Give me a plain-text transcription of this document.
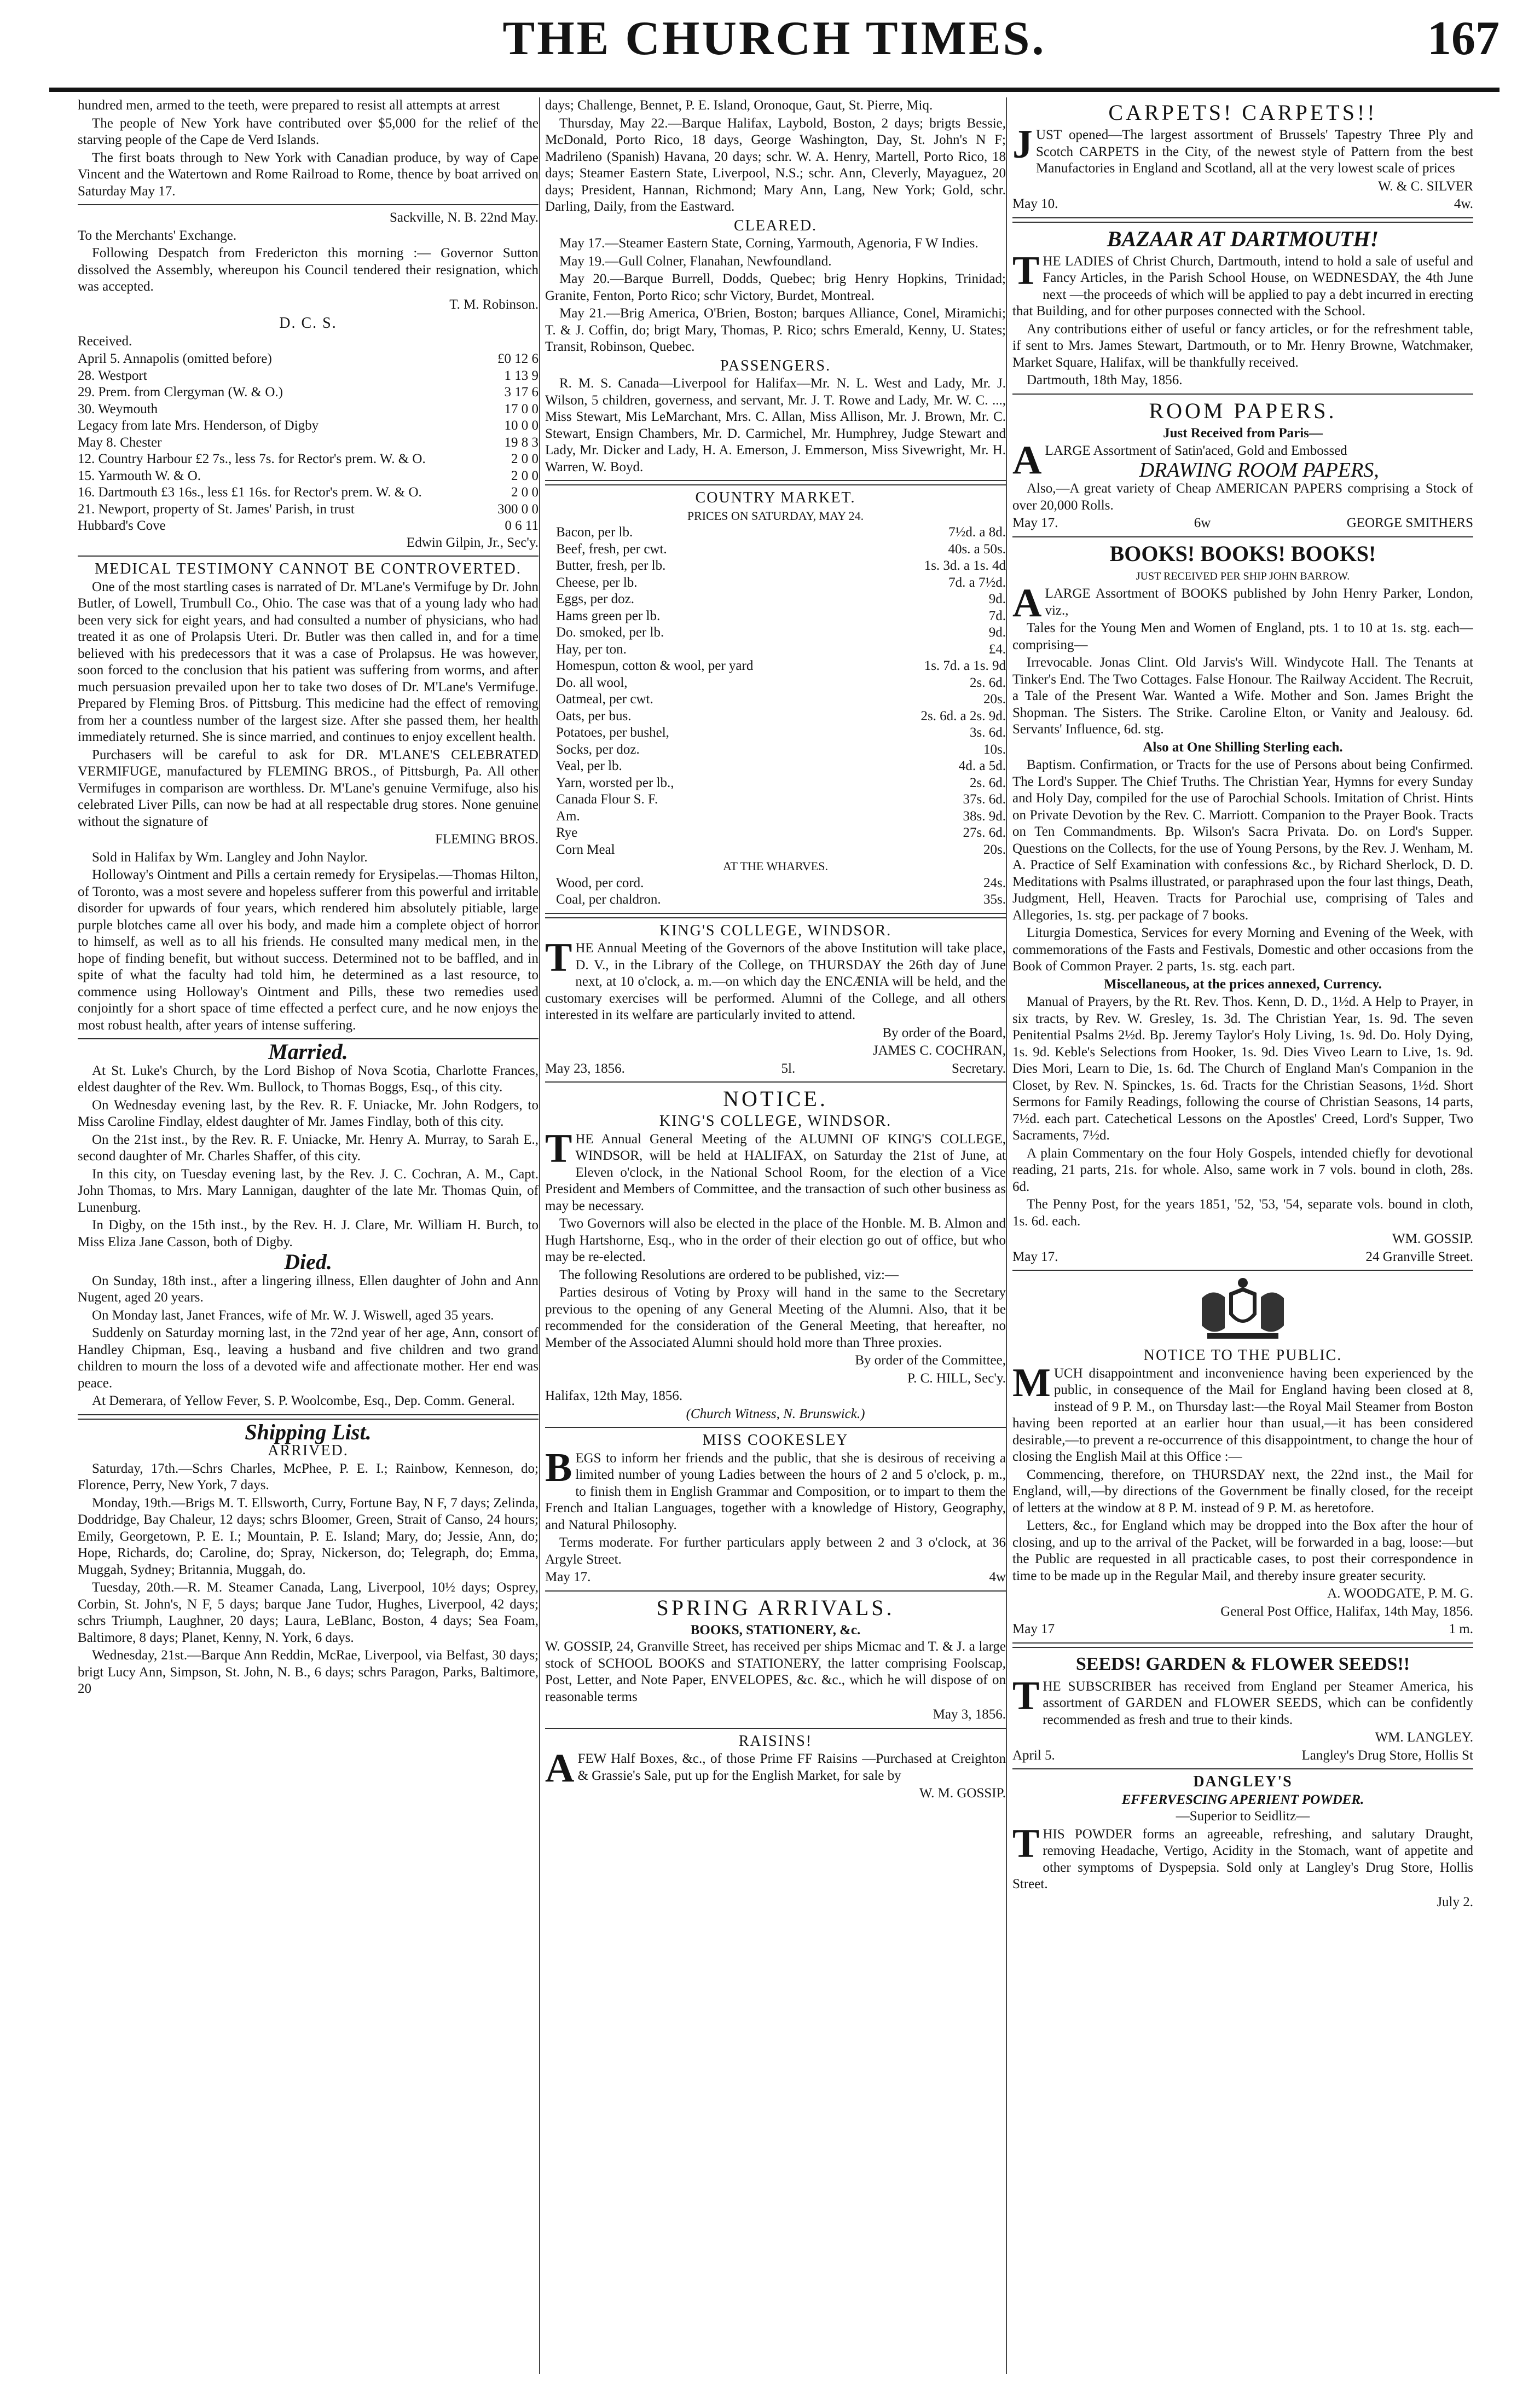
THE CHURCH TIMES.	167

hundred men, armed to the teeth, were prepared to resist all attempts at arrest

The people of New York have contributed over $5,000 for the relief of the starving people of the Cape de Verd Islands.

The first boats through to New York with Canadian produce, by way of Cape Vincent and the Watertown and Rome Railroad to Rome, thence by boat arrived on Saturday May 17.

Sackville, N. B. 22nd May.

To the Merchants' Exchange.

Following Despatch from Fredericton this morning :— Governor Sutton dissolved the Assembly, whereupon his Council tendered their resignation, which was accepted.

T. M. Robinson.

D. C. S.

Received.

April 5. Annapolis (omitted before)	£0 12 6
28. Westport	1 13 9
29. Prem. from Clergyman (W. & O.)	3 17 6
30. Weymouth	17 0 0
Legacy from late Mrs. Henderson, of Digby	10 0 0
May 8. Chester	19 8 3
12. Country Harbour £2 7s., less 7s. for Rector's prem. W. & O.	2 0 0
15. Yarmouth W. & O.	2 0 0
16. Dartmouth £3 16s., less £1 16s. for Rector's prem. W. & O.	2 0 0
21. Newport, property of St. James' Parish, in trust	300 0 0
Hubbard's Cove	0 6 11

Edwin Gilpin, Jr., Sec'y.

MEDICAL TESTIMONY CANNOT BE CONTROVERTED.

One of the most startling cases is narrated of Dr. M'Lane's Vermifuge by Dr. John Butler, of Lowell, Trumbull Co., Ohio. The case was that of a young lady who had been very sick for eight years, and had consulted a number of physicians, who had treated it as one of Prolapsis Uteri. Dr. Butler was then called in, and for a time believed with his predecessors that it was a case of Prolapsus. He was however, soon forced to the conclusion that his patient was suffering from worms, and after much persuasion prevailed upon her to take two doses of Dr. M'Lane's Vermifuge. Prepared by Fleming Bros. of Pittsburg. This medicine had the effect of removing from her a countless number of the largest size. After she passed them, her health immediately returned. She is since married, and continues to enjoy excellent health.

Purchasers will be careful to ask for DR. M'LANE'S CELEBRATED VERMIFUGE, manufactured by FLEMING BROS., of Pittsburgh, Pa. All other Vermifuges in comparison are worthless. Dr. M'Lane's genuine Vermifuge, also his celebrated Liver Pills, can now be had at all respectable drug stores. None genuine without the signature of

FLEMING BROS.

Sold in Halifax by Wm. Langley and John Naylor.

Holloway's Ointment and Pills a certain remedy for Erysipelas.—Thomas Hilton, of Toronto, was a most severe and hopeless sufferer from this powerful and irritable disorder for upwards of four years, which rendered him absolutely pitiable, large purple blotches came all over his body, and made him a complete object of horror to himself, as well as to all his friends. He consulted many medical men, in the hope of finding benefit, but without success. Determined not to be baffled, and in spite of what the faculty had told him, he determined as a last resource, to commence using Holloway's Ointment and Pills, these two remedies used conjointly for a short space of time effected a perfect cure, and he now enjoys the most robust health, after years of intense suffering.

Married.

At St. Luke's Church, by the Lord Bishop of Nova Scotia, Charlotte Frances, eldest daughter of the Rev. Wm. Bullock, to Thomas Boggs, Esq., of this city.

On Wednesday evening last, by the Rev. R. F. Uniacke, Mr. John Rodgers, to Miss Caroline Findlay, eldest daughter of Mr. James Findlay, both of this city.

On the 21st inst., by the Rev. R. F. Uniacke, Mr. Henry A. Murray, to Sarah E., second daughter of Mr. Charles Shaffer, of this city.

In this city, on Tuesday evening last, by the Rev. J. C. Cochran, A. M., Capt. John Thomas, to Mrs. Mary Lannigan, daughter of the late Mr. Thomas Quin, of Lunenburg.

In Digby, on the 15th inst., by the Rev. H. J. Clare, Mr. William H. Burch, to Miss Eliza Jane Casson, both of Digby.

Died.

On Sunday, 18th inst., after a lingering illness, Ellen daughter of John and Ann Nugent, aged 20 years.

On Monday last, Janet Frances, wife of Mr. W. J. Wiswell, aged 35 years.

Suddenly on Saturday morning last, in the 72nd year of her age, Ann, consort of Handley Chipman, Esq., leaving a husband and five children and two grand children to mourn the loss of a devoted wife and affectionate mother. Her end was peace.

At Demerara, of Yellow Fever, S. P. Woolcombe, Esq., Dep. Comm. General.

Shipping List.
ARRIVED.

Saturday, 17th.—Schrs Charles, McPhee, P. E. I.; Rainbow, Kenneson, do; Florence, Perry, New York, 7 days.

Monday, 19th.—Brigs M. T. Ellsworth, Curry, Fortune Bay, N F, 7 days; Zelinda, Doddridge, Bay Chaleur, 12 days; schrs Bloomer, Green, Strait of Canso, 24 hours; Emily, Georgetown, P. E. I.; Mountain, P. E. Island; Mary, do; Jessie, Ann, do; Hope, Richards, do; Caroline, do; Spray, Nickerson, do; Telegraph, do; Emma, Muggah, Sydney; Britannia, Muggah, do.

Tuesday, 20th.—R. M. Steamer Canada, Lang, Liverpool, 10½ days; Osprey, Corbin, St. John's, N F, 5 days; barque Jane Tudor, Hughes, Liverpool, 42 days; schrs Triumph, Laughner, 20 days; Laura, LeBlanc, Boston, 4 days; Sea Foam, Baltimore, 8 days; Planet, Kenny, N. York, 6 days.

Wednesday, 21st.—Barque Ann Reddin, McRae, Liverpool, via Belfast, 30 days; brigt Lucy Ann, Simpson, St. John, N. B., 6 days; schrs Paragon, Parks, Baltimore, 20

days; Challenge, Bennet, P. E. Island, Oronoque, Gaut, St. Pierre, Miq.

Thursday, May 22.—Barque Halifax, Laybold, Boston, 2 days; brigts Bessie, McDonald, Porto Rico, 18 days, George Washington, Day, St. John's N F; Madrileno (Spanish) Havana, 20 days; schr. W. A. Henry, Martell, Porto Rico, 18 days; Steamer Eastern State, Liverpool, N.S.; schr. Ann, Cleverly, Mayaguez, 20 days; President, Hannan, Richmond; Mary Ann, Lang, New York; Gold, schr. Darling, Daily, from the Eastward.

CLEARED.

May 17.—Steamer Eastern State, Corning, Yarmouth, Agenoria, F W Indies.

May 19.—Gull Colner, Flanahan, Newfoundland.

May 20.—Barque Burrell, Dodds, Quebec; brig Henry Hopkins, Trinidad; Granite, Fenton, Porto Rico; schr Victory, Burdet, Montreal.

May 21.—Brig America, O'Brien, Boston; barques Alliance, Conel, Miramichi; T. & J. Coffin, do; brigt Mary, Thomas, P. Rico; schrs Emerald, Kenny, U. States; Transit, Robinson, Quebec.

PASSENGERS.

R. M. S. Canada—Liverpool for Halifax—Mr. N. L. West and Lady, Mr. J. Wilson, 5 children, governess, and servant, Mr. J. T. Rowe and Lady, Mr. W. C. ..., Miss Stewart, Mis LeMarchant, Mrs. C. Allan, Miss Allison, Mr. J. Brown, Mr. C. Stewart, Ensign Chambers, Mr. D. Carmichel, Mr. Humphrey, Judge Stewart and Lady, Mr. Dicker and Lady, H. A. Emerson, J. Emmerson, Miss Sivewright, Mr. H. Warren, W. Boyd.

COUNTRY MARKET.
PRICES ON SATURDAY, MAY 24.
Bacon, per lb.	7½d. a 8d.
Beef, fresh, per cwt.	40s. a 50s.
Butter, fresh, per lb.	1s. 3d. a 1s. 4d
Cheese, per lb.	7d. a 7½d.
Eggs, per doz.	9d.
Hams green per lb.	7d.
Do. smoked, per lb.	9d.
Hay, per ton.	£4.
Homespun, cotton & wool, per yard	1s. 7d. a 1s. 9d
Do. all wool,	2s. 6d.
Oatmeal, per cwt.	20s.
Oats, per bus.	2s. 6d. a 2s. 9d.
Potatoes, per bushel,	3s. 6d.
Socks, per doz.	10s.
Veal, per lb.	4d. a 5d.
Yarn, worsted per lb.,	2s. 6d.
Canada Flour S. F.	37s. 6d.
Am.	38s. 9d.
Rye	27s. 6d.
Corn Meal	20s.
AT THE WHARVES.
Wood, per cord.	24s.
Coal, per chaldron.	35s.
KING'S COLLEGE, WINDSOR.

THE Annual Meeting of the Governors of the above Institution will take place, D. V., in the Library of the College, on THURSDAY the 26th day of June next, at 10 o'clock, a. m.—on which day the ENCÆNIA will be held, and the customary exercises will be performed. Alumni of the College, and all others interested in its welfare are particularly invited to attend.

By order of the Board,

JAMES C. COCHRAN,

May 23, 1856.	5l.	Secretary.
NOTICE.
KING'S COLLEGE, WINDSOR.

THE Annual General Meeting of the ALUMNI OF KING'S COLLEGE, WINDSOR, will be held at HALIFAX, on Saturday the 21st of June, at Eleven o'clock, in the National School Room, for the election of a Vice President and Members of Committee, and the transaction of such other business as may be necessary.

Two Governors will also be elected in the place of the Honble. M. B. Almon and Hugh Hartshorne, Esq., who in the order of their election go out of office, but who may be re-elected.

The following Resolutions are ordered to be published, viz:—

Parties desirous of Voting by Proxy will hand in the same to the Secretary previous to the opening of any General Meeting of the Alumni. Also, that it be recommended for the consideration of the General Meeting, that hereafter, no Member of the Associated Alumni should hold more than Three proxies.

By order of the Committee,

P. C. HILL, Sec'y.

Halifax, 12th May, 1856.

(Church Witness, N. Brunswick.)

MISS COOKESLEY

BEGS to inform her friends and the public, that she is desirous of receiving a limited number of young Ladies between the hours of 2 and 5 o'clock, p. m., to finish them in English Grammar and Composition, or to impart to them the French and Italian Languages, together with a knowledge of History, Geography, and Natural Philosophy.

Terms moderate. For further particulars apply between 2 and 3 o'clock, at 36 Argyle Street.

May 17.	4w
SPRING ARRIVALS.
BOOKS, STATIONERY, &c.

W. GOSSIP, 24, Granville Street, has received per ships Micmac and T. & J. a large stock of SCHOOL BOOKS and STATIONERY, the latter comprising Foolscap, Post, Letter, and Note Paper, ENVELOPES, &c. &c., which he will dispose of on reasonable terms

May 3, 1856.

RAISINS!

AFEW Half Boxes, &c., of those Prime FF Raisins —Purchased at Creighton & Grassie's Sale, put up for the English Market, for sale by

W. M. GOSSIP.

CARPETS! CARPETS!!

JUST opened—The largest assortment of Brussels' Tapestry Three Ply and Scotch CARPETS in the City, of the newest style of Pattern from the best Manufactories in England and Scotland, all at the very lowest scale of prices

W. & C. SILVER

May 10.	4w.
BAZAAR AT DARTMOUTH!

THE LADIES of Christ Church, Dartmouth, intend to hold a sale of useful and Fancy Articles, in the Parish School House, on WEDNESDAY, the 4th June next —the proceeds of which will be applied to pay a debt incurred in erecting that Building, and for other purposes connected with the School.

Any contributions either of useful or fancy articles, or for the refreshment table, if sent to Mrs. James Stewart, Dartmouth, or to Mr. Henry Browne, Watchmaker, Market Square, Halifax, will be thankfully received.

Dartmouth, 18th May, 1856.

ROOM PAPERS.

Just Received from Paris—

ALARGE Assortment of Satin'aced, Gold and Embossed

DRAWING ROOM PAPERS,

Also,—A great variety of Cheap AMERICAN PAPERS comprising a Stock of over 20,000 Rolls.

May 17.	6w	GEORGE SMITHERS
BOOKS! BOOKS! BOOKS!

JUST RECEIVED PER SHIP JOHN BARROW.

ALARGE Assortment of BOOKS published by John Henry Parker, London, viz.,

Tales for the Young Men and Women of England, pts. 1 to 10 at 1s. stg. each—comprising—

Irrevocable. Jonas Clint. Old Jarvis's Will. Windycote Hall. The Tenants at Tinker's End. The Two Cottages. False Honour. The Railway Accident. The Recruit, a Tale of the Present War. Wanted a Wife. Mother and Son. James Bright the Shopman. The Sisters. The Strike. Caroline Elton, or Vanity and Jealousy. 6d. Servants' Influence, 6d. stg.

Also at One Shilling Sterling each.

Baptism. Confirmation, or Tracts for the use of Persons about being Confirmed. The Lord's Supper. The Chief Truths. The Christian Year, Hymns for every Sunday and Holy Day, compiled for the use of Parochial Schools. Imitation of Christ. Hints on Private Devotion by the Rev. C. Marriott. Companion to the Prayer Book. Tracts on Ten Commandments. Bp. Wilson's Sacra Privata. Do. on Lord's Supper. Questions on the Collects, for the use of Young Persons, by the Rev. J. Wenham, M. A. Practice of Self Examination with confessions &c., by Richard Sherlock, D. D. Meditations with Psalms illustrated, or paraphrased upon the four last things, Death, Judgment, Hell, Heaven. Tracts for Parochial use, comprising of Tales and Allegories, 1s. stg. per package of 7 books.

Liturgia Domestica, Services for every Morning and Evening of the Week, with commemorations of the Fasts and Festivals, Domestic and other occasions from the Book of Common Prayer. 2 parts, 1s. stg. each part.

Miscellaneous, at the prices annexed, Currency.

Manual of Prayers, by the Rt. Rev. Thos. Kenn, D. D., 1½d. A Help to Prayer, in six tracts, by Rev. W. Gresley, 1s. 3d. The Christian Year, 1s. 9d. The seven Penitential Psalms 2½d. Bp. Jeremy Taylor's Holy Living, 1s. 9d. Do. Holy Dying, 1s. 9d. Keble's Selections from Hooker, 1s. 9d. Dies Viveo Learn to Live, 1s. 9d. Dies Mori, Learn to Die, 1s. 6d. The Church of England Man's Companion in the Closet, by Rev. N. Spinckes, 1s. 6d. Tracts for the Christian Seasons, 1½d. Short Sermons for Family Readings, following the course of Christian Seasons, 14 parts, 7½d. each part. Catechetical Lessons on the Apostles' Creed, Lord's Supper, Two Sacraments, 7½d.

A plain Commentary on the four Holy Gospels, intended chiefly for devotional reading, 21 parts, 21s. for whole. Also, same work in 7 vols. bound in cloth, 28s. 6d.

The Penny Post, for the years 1851, '52, '53, '54, separate vols. bound in cloth, 1s. 6d. each.

WM. GOSSIP.

May 17.	24 Granville Street.
NOTICE TO THE PUBLIC.

MUCH disappointment and inconvenience having been experienced by the public, in consequence of the Mail for England having been closed at 8, instead of 9 P. M., on Thursday last:—the Royal Mail Steamer from Boston having been reported at an earlier hour than usual,—it has been considered desirable,—to prevent a re-occurrence of this disappointment, to change the hour of closing the English Mail at this Office :—

Commencing, therefore, on THURSDAY next, the 22nd inst., the Mail for England, will,—by directions of the Government be finally closed, for the receipt of letters at the window at 8 P. M. instead of 9 P. M. as heretofore.

Letters, &c., for England which may be dropped into the Box after the hour of closing, and up to the arrival of the Packet, will be forwarded in a bag, loose:—but the Public are requested in all practicable cases, to post their correspondence in time to be made up in the Regular Mail, and thereby insure greater security.

A. WOODGATE, P. M. G.

General Post Office, Halifax, 14th May, 1856.

May 17	1 m.
SEEDS! GARDEN & FLOWER SEEDS!!

THE SUBSCRIBER has received from England per Steamer America, his assortment of GARDEN and FLOWER SEEDS, which can be confidently recommended as fresh and true to their kinds.

WM. LANGLEY.

April 5.	Langley's Drug Store, Hollis St
DANGLEY'S
EFFERVESCING APERIENT POWDER.

—Superior to Seidlitz—

THIS POWDER forms an agreeable, refreshing, and salutary Draught, removing Headache, Vertigo, Acidity in the Stomach, want of appetite and other symptoms of Dyspepsia. Sold only at Langley's Drug Store, Hollis Street.

July 2.
